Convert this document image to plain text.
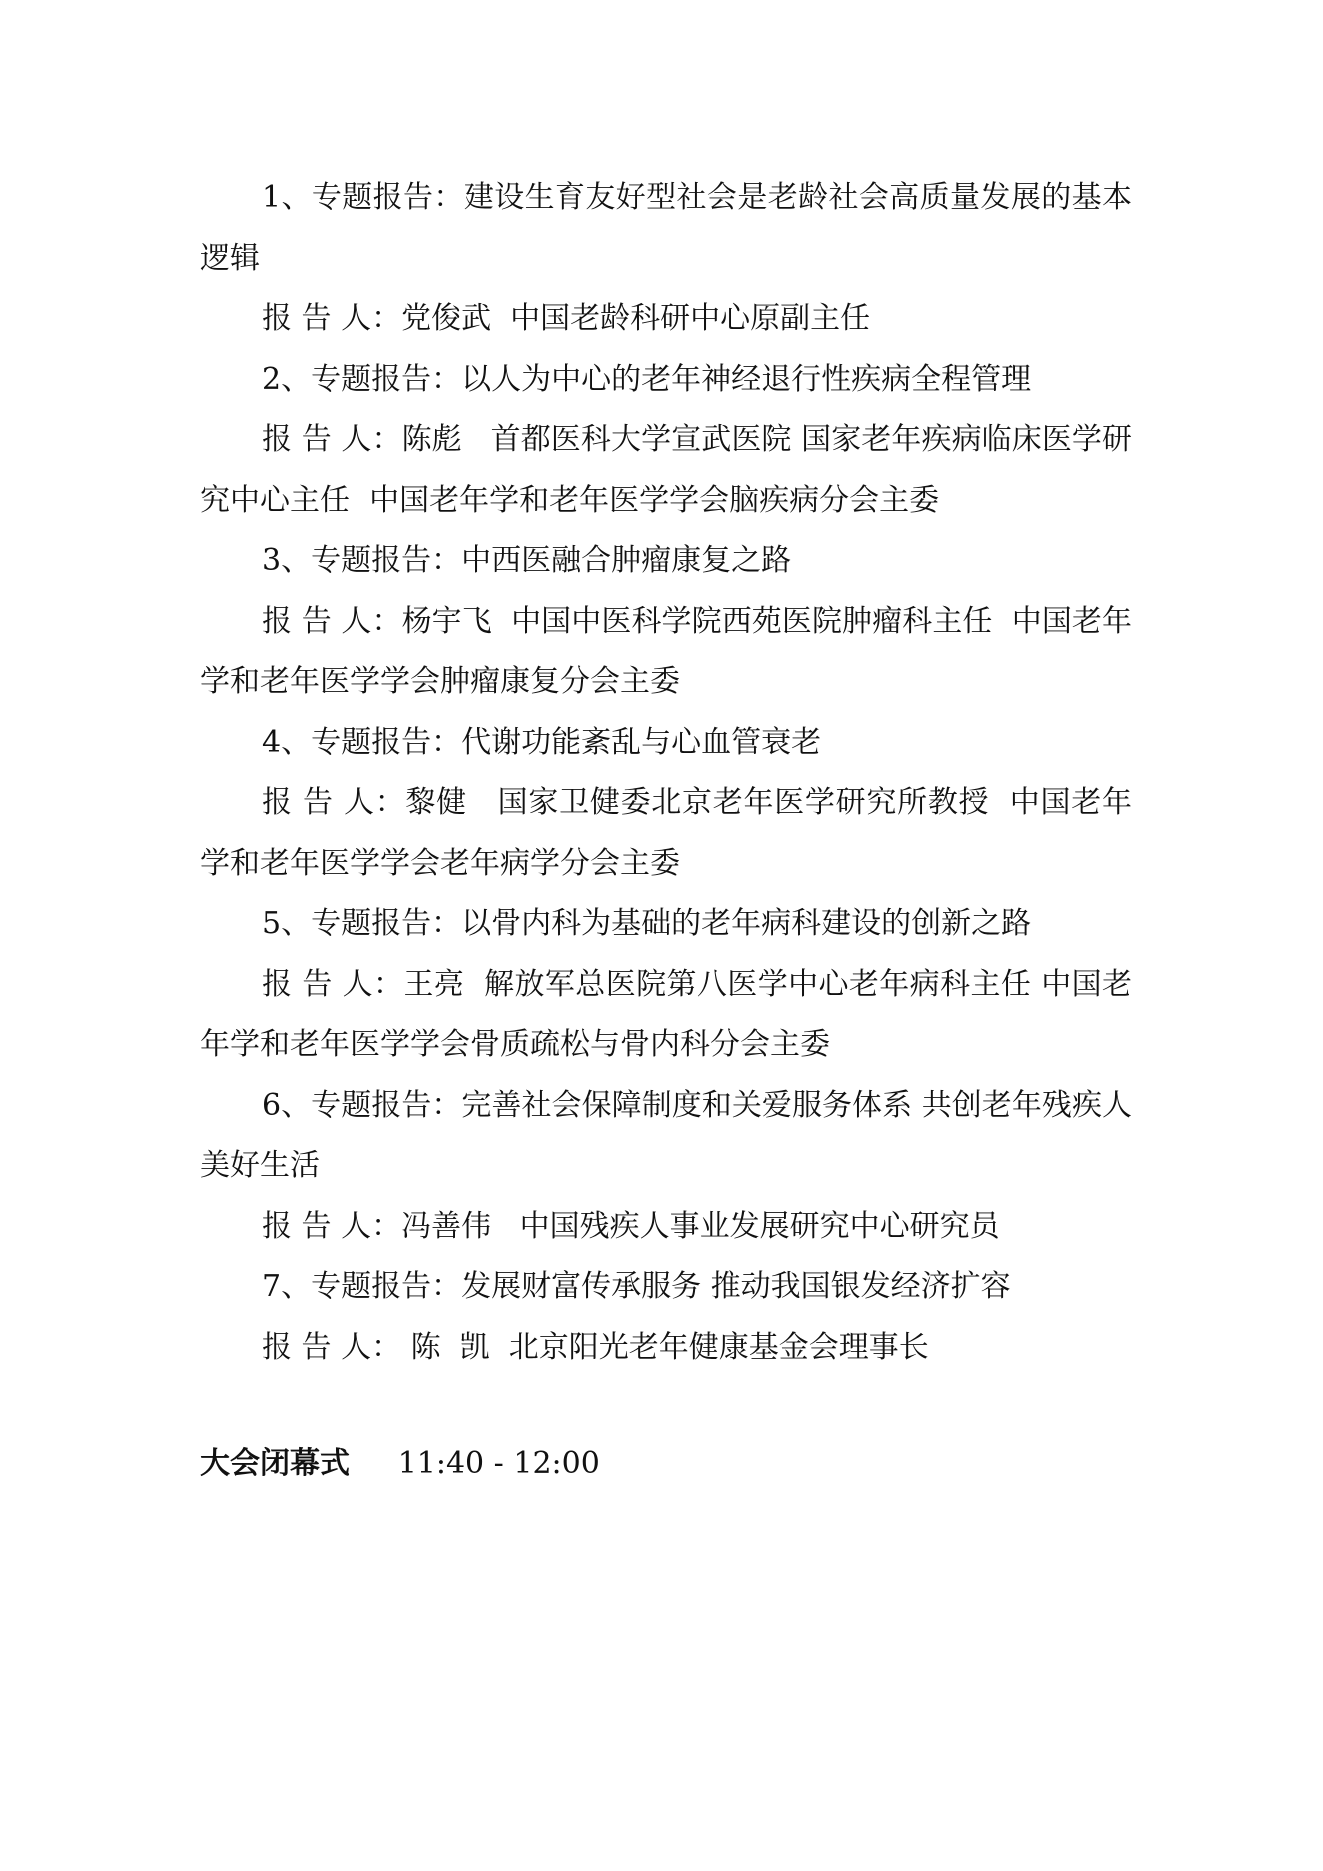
1、专题报告：建设生育友好型社会是老龄社会高质量发展的基本逻辑

报 告 人：党俊武  中国老龄科研中心原副主任

2、专题报告：以人为中心的老年神经退行性疾病全程管理

报 告 人：陈彪   首都医科大学宣武医院 国家老年疾病临床医学研究中心主任  中国老年学和老年医学学会脑疾病分会主委

3、专题报告：中西医融合肿瘤康复之路

报 告 人：杨宇飞  中国中医科学院西苑医院肿瘤科主任  中国老年学和老年医学学会肿瘤康复分会主委

4、专题报告：代谢功能紊乱与心血管衰老

报 告 人：黎健   国家卫健委北京老年医学研究所教授  中国老年学和老年医学学会老年病学分会主委

5、专题报告：以骨内科为基础的老年病科建设的创新之路

报 告 人：王亮  解放军总医院第八医学中心老年病科主任 中国老年学和老年医学学会骨质疏松与骨内科分会主委

6、专题报告：完善社会保障制度和关爱服务体系 共创老年残疾人美好生活

报 告 人：冯善伟   中国残疾人事业发展研究中心研究员

7、专题报告：发展财富传承服务 推动我国银发经济扩容

报 告 人： 陈  凯  北京阳光老年健康基金会理事长

大会闭幕式 11:40 - 12:00
